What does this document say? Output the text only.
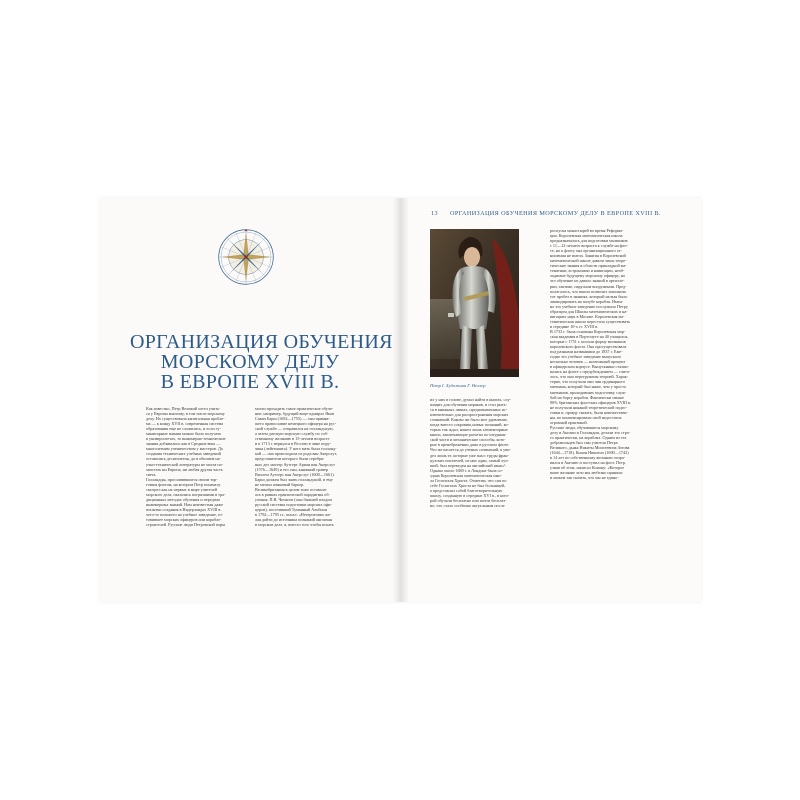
ОРГАНИЗАЦИЯ ОБУЧЕНИЯ
МОРСКОМУ ДЕЛУ
В ЕВРОПЕ XVIII В.
Как известно, Петр Великий хотел учить-
ся у Европы многому, в том числе морскому
делу. Но существовала капитальная пробле-
ма — к концу XVII в. современная система
образования еще не сложилась, и если гу-
манитарные знания можно было получать
в университетах, то инженерно-технические
знания добывались как в Средние века —
многолетним ученичеством у мастеров. До
создания технических учебных заведений
оставались десятилетия, да и обилием на-
учно-технической литературы не могла по-
хвастать ни Европа, ни любая другая часть
света.
Голландцы, прославившиеся своим тор-
говым флотом, на котором Петр поначалу
смотрел как на первых в мире учителей
морского дела, оказались погрязшими в тра-
диционных методах обучения и передачи
инженерных знаний. Нам неизвестны даже
попытки создания в Нидерландах XVIII в.
чего-то похожего на учебное заведение, го-
товившее морских офицеров или корабле-
строителей. Русские люди Петровской поры
могли проходить такое практическое обуче-
ние, например, будущий вице-адмирал Яков
Савич Барш (1692—1755) — сын приняв-
шего православие немецкого офицера на рус-
ской службе — отправился на голландскую,
а затем датскую морскую службу по соб-
ственному желанию в 15-летнем возрасте
и в 1713 г. вернулся в Россию в чине пору-
чика (лейтенанта). У него мать была голланд-
кой — она происходила из рода ван Акерслут,
представители которого были серебря-
ных дел мастер Аутгерт Ариан ван Акерслут
(1576—1649) и его сын, книжный гравер
Виллем Аутгерс ван Акерслут (1600—1661).
Барш должен был знать голландский, и ему
не мешал языковый барьер.
Великобритания в целом тоже оставала-
ась в рамках практической парадигмы об-
учения. П.В. Чичагов (сын бывшей плодом
русской системы подготовки морских офи-
церов), посетивший Туманный Альбион
в 1792—1795 гг., писал: «Нетерпеливо же-
лая дойти до источника познаний англичан
в морском деле, я, вместо того чтобы искать
13 ОРГАНИЗАЦИЯ ОБУЧЕНИЯ МОРСКОМУ ДЕЛУ В ЕВРОПЕ XVIII В.
Петр I. Художник Г. Неллер
их у них в голове, думал найти в книгах, слу-
жащих для обучения моряков, и стал рыть-
ся в книжных лавках, предназначенных ис-
ключительно для распространения морских
сочинений. Каково же было мое удивление,
когда вместо сокровищ новых познаний, ко-
торых так ждал, нашел лишь элементарные
книги, заключающие расчеты по штурман-
ской части и механические способы, кото-
рые в пренебрежении даже в русском флоте.
Что же касается до ученых сочинений, я уви-
дел лишь те, которые уже знал: труды фран-
цузских писателей, из них один, самый луч-
ший, был переведен на английский язык»¹.
Однако около 1680 г. в Лондоне была со-
здана Королевская математическая шко-
ла Госпиталя Христа. Отметим, что сам по
себе Госпиталь Христа не был больницей,
а представлял собой благотворительную
школу, созданную в середине XVI в., в кото-
рой обучали бесплатно или почти бесплат-
но, что стало особенно актуальным после
роспуска монастырей во время Реформа-
ции. Королевская математическая школа
предназначалась для подготовки мальчиков
с 11—12-летнего возраста к службе на фло-
те, но к флоту она организационного от-
ношения не имела. Занятия в Королевской
математической школе давали лишь теоре-
тические знания в области прикладной ма-
тематики, астрономии и навигации, необ-
ходимые будущему морскому офицеру, но
это обучение не давало знаний в артилле-
рии, тактике, парусном вооружении. Пред-
полагалось, что школа позволит заполнить
тот пробел в знаниях, который нельзя было
ликвидировать на палубе корабля. Имен-
но это учебное заведение послужило Петру
образцом для Школы математических и на-
вигацких наук в Москве. Королевская ма-
тематическая школа перестала существовать
в середине 10-х гг. XVIII в.
В 1733 г. была основана Королевская мор-
ская академия в Портсмуте на 40 учащихся,
которые с 1751 г. носили форму мичманов
королевского флота. Она просуществовала
под разными названиями до 1837 г. Еже-
годно это учебное заведение выпускало
несколько человек — ничтожный процент
в офицерском корпусе. Выпускники сталки-
вались на флоте с предубеждением — счита-
лось, что они перегружены теорией. Харак-
терно, что получали они чин ординарного
мичмана, который был ниже, чем у просто
мичманов, проходивших подготовку служ-
бой на борту корабля. Фактически свыше
90% британских флотских офицеров XVIII в.
не получали никакой теоретической подго-
товки и, правду сказать, были невежествен-
ны, во компенсировали свой недостаток
огромной практикой.
Русские люди, обучавшиеся морскому
делу в Англии и Голландии, делали это стро-
го практически, на кораблях. Одним из тех
добровольцев был сын учителя Петра
Великого, дьяка Никиты Моисеевича Зотова
(1644—1718). Конон Никитич (1690—1742)
в 14 лет по собственному желанию отпра-
вился в Англию и поступил на флот. Петр,
узнав об этом, написал Конону: «Которое
ваше желание зело мы любезно приняли
и можем так сказать, что мы не едино-
